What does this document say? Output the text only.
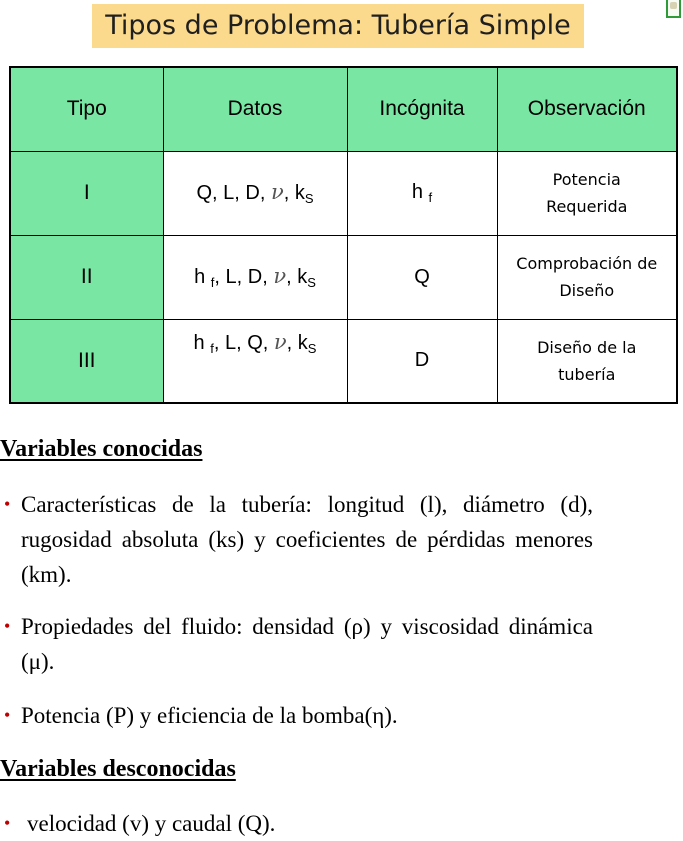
Tipos de Problema: Tubería Simple
Tipo	Datos	Incógnita	Observación
I	Q, L, D, ν, $k_S$	h $_f$	Potencia
Requerida

II	h $_f$, L, D, ν, $k_S$	Q	Comprobación de
Diseño

III	h $_f$, L, Q, ν, $k_S$	D	Diseño de la
tubería
Variables conocidas
• Características de la tubería: longitud (l), diámetro (d), rugosidad absoluta (ks) y coeficientes de pérdidas menores (km).
• Propiedades del fluido: densidad (ρ) y viscosidad dinámica (μ).
• Potencia (P) y eficiencia de la bomba(η).
Variables desconocidas
• velocidad (v) y caudal (Q).
